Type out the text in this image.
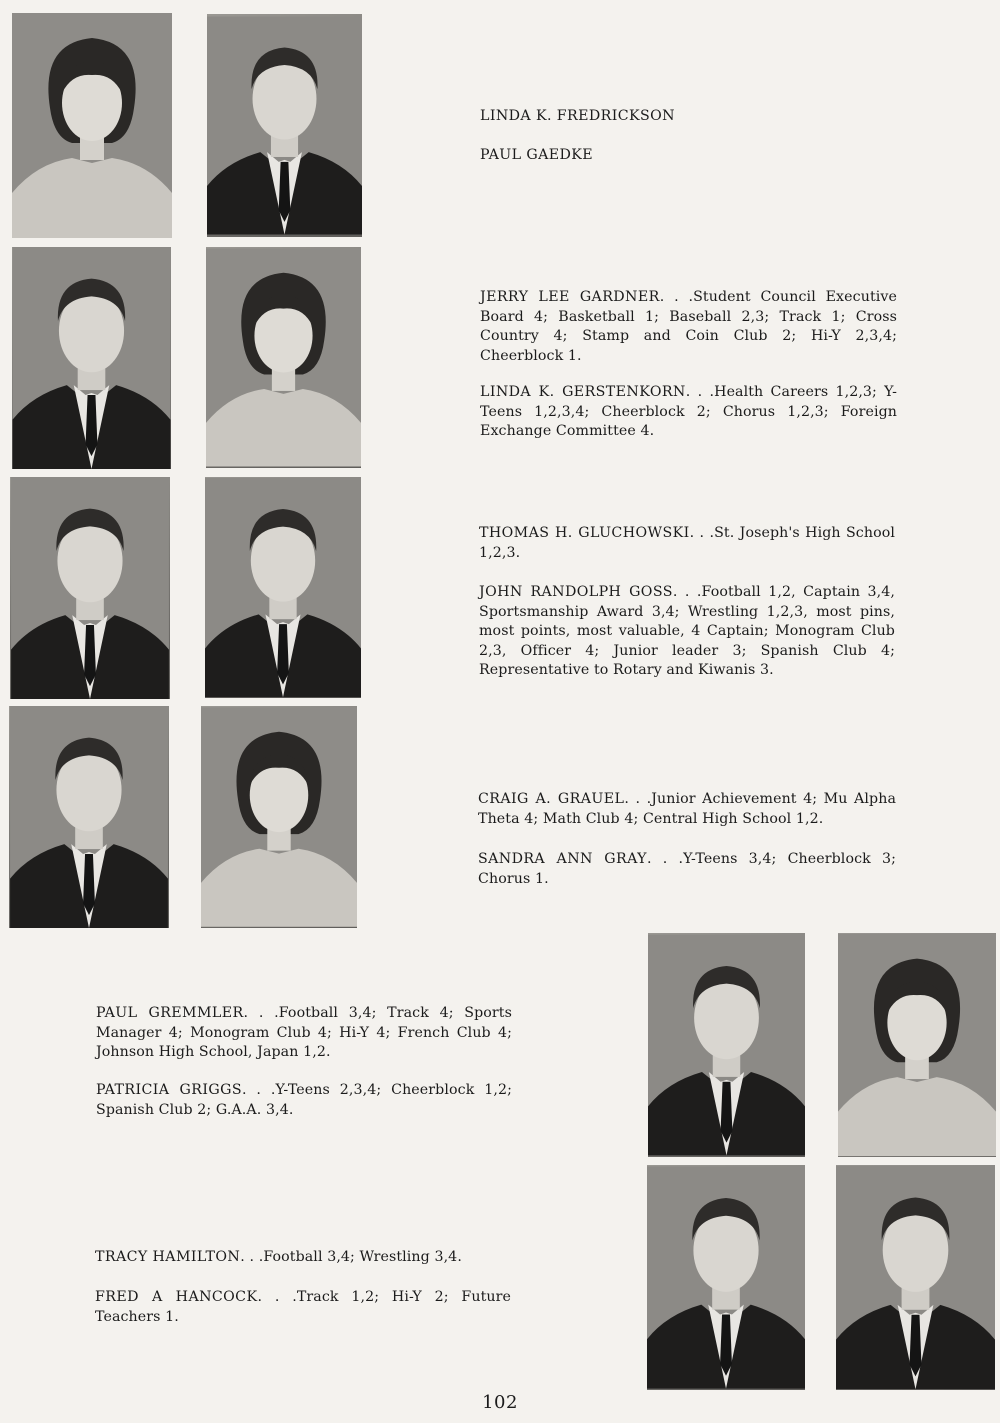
LINDA K. FREDRICKSON

PAUL GAEDKE

JERRY LEE GARDNER. . .Student Council Executive Board 4; Basketball 1; Baseball 2,3; Track 1; Cross Country 4; Stamp and Coin Club 2; Hi-Y 2,3,4; Cheerblock 1.

LINDA K. GERSTENKORN. . .Health Careers 1,2,3; Y-Teens 1,2,3,4; Cheerblock 2; Chorus 1,2,3; Foreign Exchange Committee 4.

THOMAS H. GLUCHOWSKI. . .St. Joseph's High School 1,2,3.

JOHN RANDOLPH GOSS. . .Football 1,2, Captain 3,4, Sportsmanship Award 3,4; Wrestling 1,2,3, most pins, most points, most valuable, 4 Captain; Monogram Club 2,3, Officer 4; Junior leader 3; Spanish Club 4; Representative to Rotary and Kiwanis 3.

CRAIG A. GRAUEL. . .Junior Achievement 4; Mu Alpha Theta 4; Math Club 4; Central High School 1,2.

SANDRA ANN GRAY. . .Y-Teens 3,4; Cheerblock 3; Chorus 1.

PAUL GREMMLER. . .Football 3,4; Track 4; Sports Manager 4; Monogram Club 4; Hi-Y 4; French Club 4; Johnson High School, Japan 1,2.

PATRICIA GRIGGS. . .Y-Teens 2,3,4; Cheerblock 1,2; Spanish Club 2; G.A.A. 3,4.

TRACY HAMILTON. . .Football 3,4; Wrestling 3,4.

FRED A HANCOCK. . .Track 1,2; Hi-Y 2; Future Teachers 1.

102
